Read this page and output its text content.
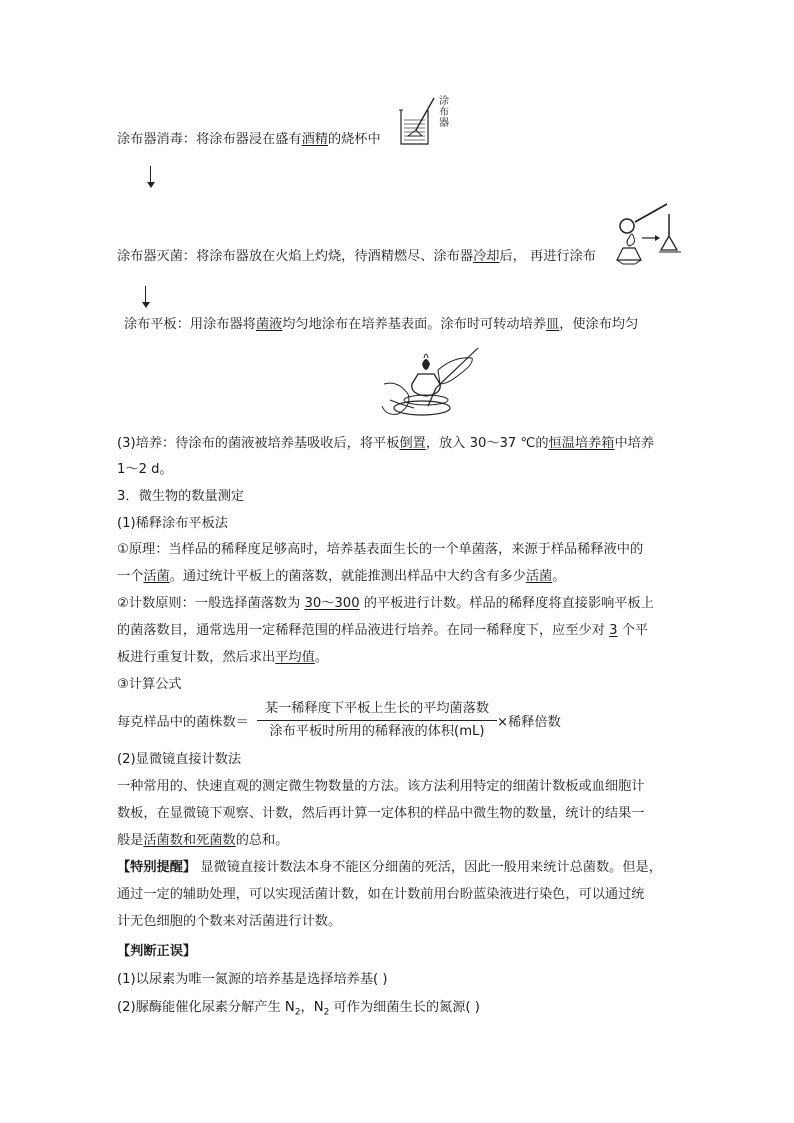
涂布器消毒：将涂布器浸在盛有酒精的烧杯中
涂
布
器
涂布器灭菌：将涂布器放在火焰上灼烧，待酒精燃尽、涂布器冷却后， 再进行涂布
涂布平板：用涂布器将菌液均匀地涂布在培养基表面。涂布时可转动培养皿，使涂布均匀
(3)培养：待涂布的菌液被培养基吸收后，将平板倒置，放入 30～37 ℃的恒温培养箱中培养
1～2 d。
3．微生物的数量测定
(1)稀释涂布平板法
①原理：当样品的稀释度足够高时，培养基表面生长的一个单菌落，来源于样品稀释液中的
一个活菌。通过统计平板上的菌落数，就能推测出样品中大约含有多少活菌。
②计数原则：一般选择菌落数为 30～300 的平板进行计数。样品的稀释度将直接影响平板上
的菌落数目，通常选用一定稀释范围的样品液进行培养。在同一稀释度下，应至少对 3 个平
板进行重复计数，然后求出平均值。
③计算公式
每克样品中的菌株数＝
某一稀释度下平板上生长的平均菌落数
涂布平板时所用的稀释液的体积(mL)
×稀释倍数
(2)显微镜直接计数法
一种常用的、快速直观的测定微生物数量的方法。该方法利用特定的细菌计数板或血细胞计
数板，在显微镜下观察、计数，然后再计算一定体积的样品中微生物的数量，统计的结果一
般是活菌数和死菌数的总和。
【特别提醒】 显微镜直接计数法本身不能区分细菌的死活，因此一般用来统计总菌数。但是，
通过一定的辅助处理，可以实现活菌计数，如在计数前用台盼蓝染液进行染色，可以通过统
计无色细胞的个数来对活菌进行计数。
【判断正误】
(1)以尿素为唯一氮源的培养基是选择培养基( )
(2)脲酶能催化尿素分解产生 $N_2$，$N_2$ 可作为细菌生长的氮源( )
